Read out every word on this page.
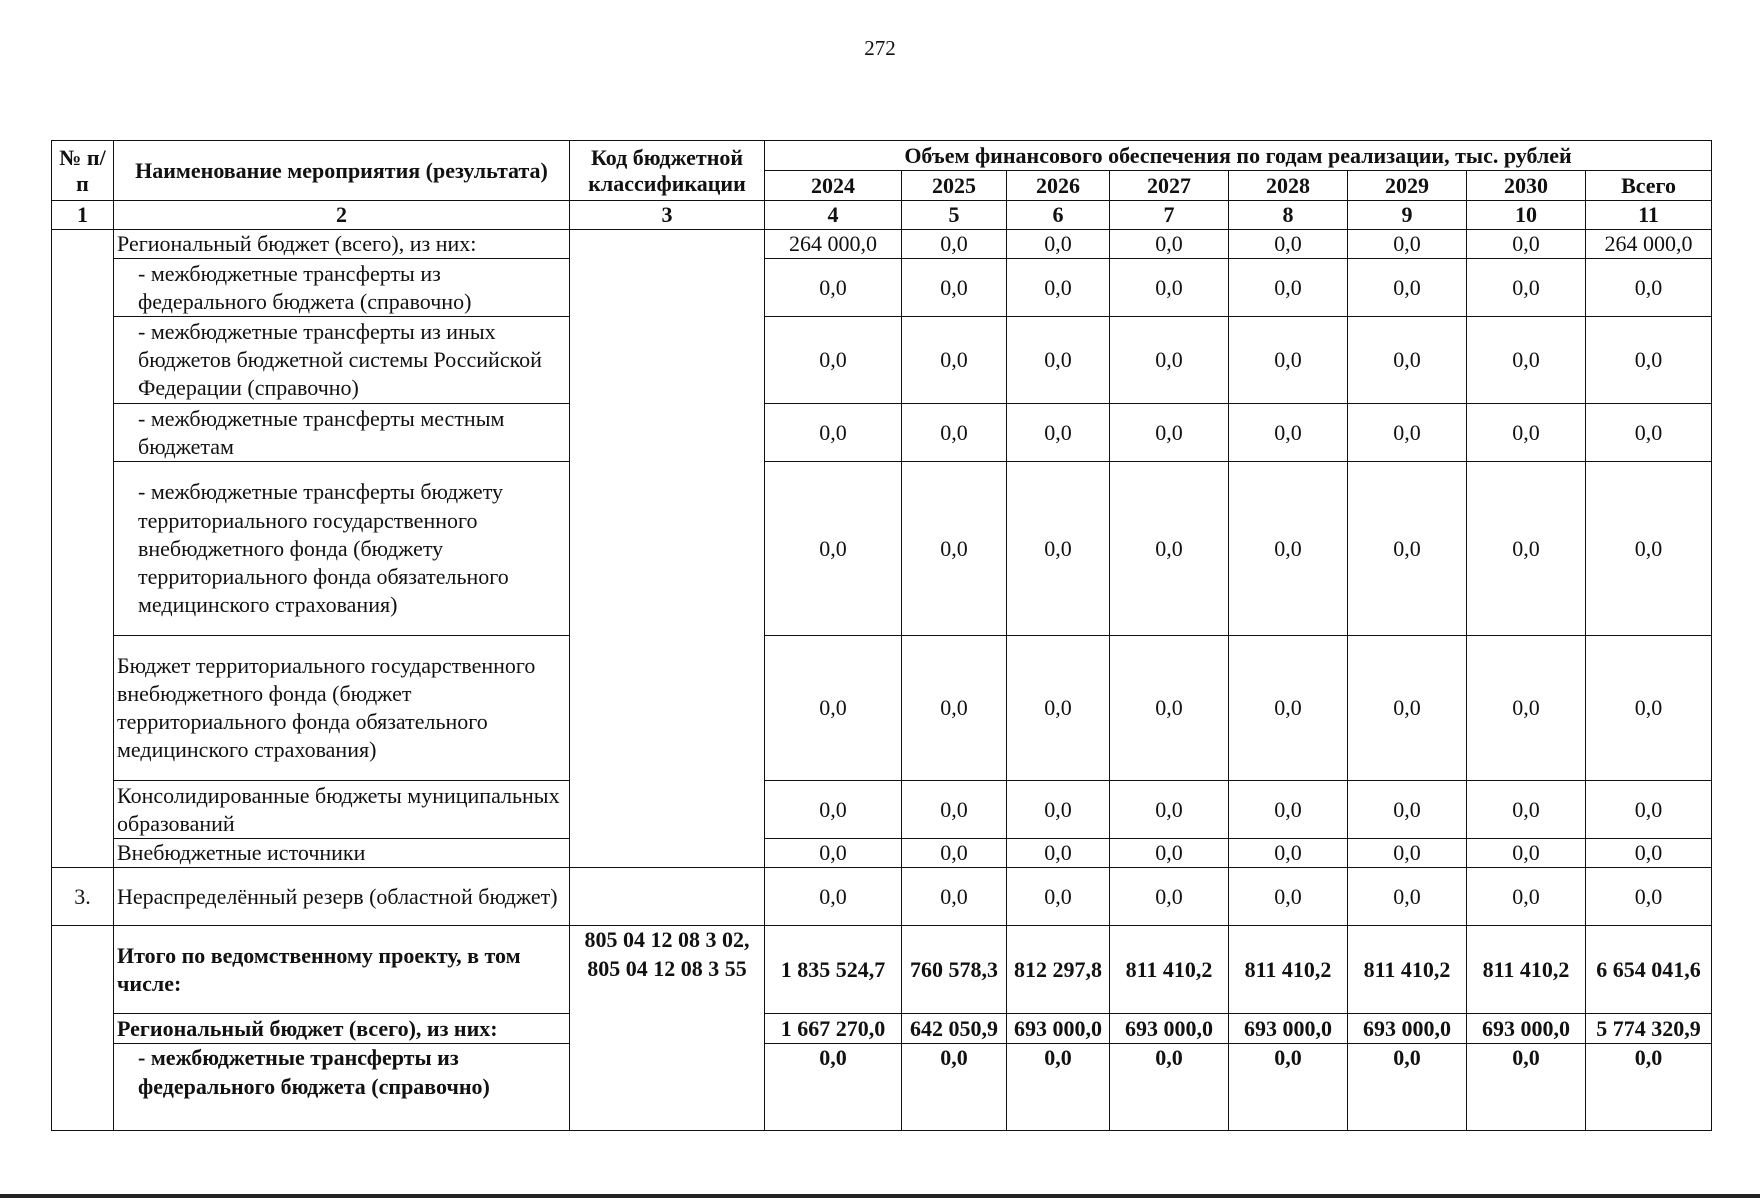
272
№ п/п	Наименование мероприятия (результата)	Код бюджетной классификации	Объем финансового обеспечения по годам реализации, тыс. рублей							
			2024	2025	2026	2027	2028	2029	2030	Всего
1	2	3	4	5	6	7	8	9	10	11
	Региональный бюджет (всего), из них:		264 000,0	0,0	0,0	0,0	0,0	0,0	0,0	264 000,0
	- межбюджетные трансферты из федерального бюджета (справочно)		0,0	0,0	0,0	0,0	0,0	0,0	0,0	0,0
	- межбюджетные трансферты из иных бюджетов бюджетной системы Российской Федерации (справочно)		0,0	0,0	0,0	0,0	0,0	0,0	0,0	0,0
	- межбюджетные трансферты местным бюджетам		0,0	0,0	0,0	0,0	0,0	0,0	0,0	0,0
	- межбюджетные трансферты бюджету территориального государственного внебюджетного фонда (бюджету территориального фонда обязательного медицинского страхования)		0,0	0,0	0,0	0,0	0,0	0,0	0,0	0,0
	Бюджет территориального государственного внебюджетного фонда (бюджет территориального фонда обязательного медицинского страхования)		0,0	0,0	0,0	0,0	0,0	0,0	0,0	0,0
	Консолидированные бюджеты муниципальных образований		0,0	0,0	0,0	0,0	0,0	0,0	0,0	0,0
	Внебюджетные источники		0,0	0,0	0,0	0,0	0,0	0,0	0,0	0,0
3.	Нераспределённый резерв (областной бюджет)		0,0	0,0	0,0	0,0	0,0	0,0	0,0	0,0
	Итого по ведомственному проекту, в том числе:	805 04 12 08 3 02, 805 04 12 08 3 55	1 835 524,7	760 578,3	812 297,8	811 410,2	811 410,2	811 410,2	811 410,2	6 654 041,6
	Региональный бюджет (всего), из них:		1 667 270,0	642 050,9	693 000,0	693 000,0	693 000,0	693 000,0	693 000,0	5 774 320,9
	- межбюджетные трансферты из федерального бюджета (справочно)		0,0	0,0	0,0	0,0	0,0	0,0	0,0	0,0
